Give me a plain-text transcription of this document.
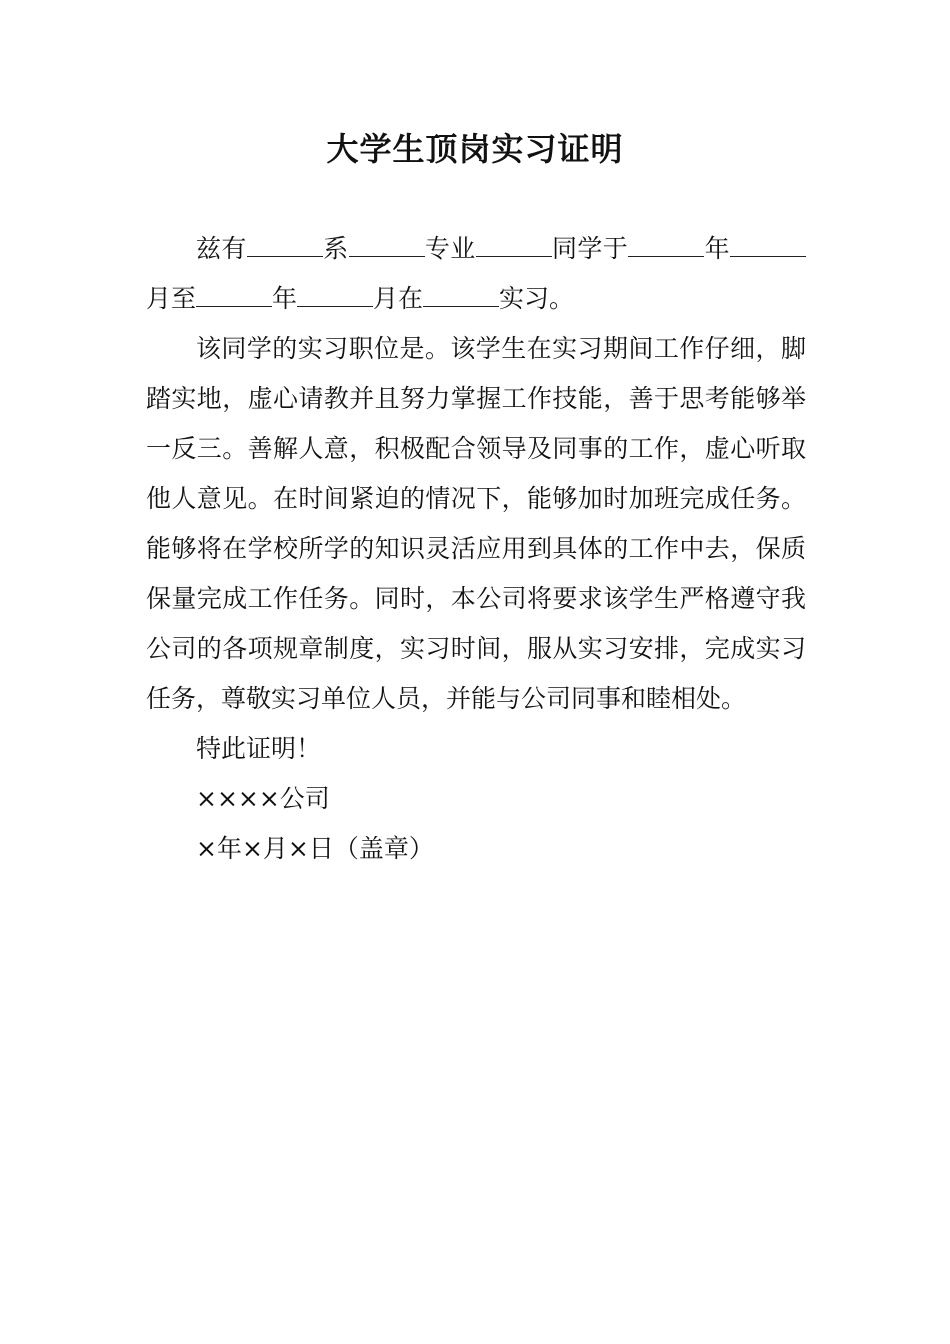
大学生顶岗实习证明

兹有	系	专业	同学于	年月至	年	月在	实习。

该同学的实习职位是。该学生在实习期间工作仔细，脚踏实地，虚心请教并且努力掌握工作技能，善于思考能够举一反三。善解人意，积极配合领导及同事的工作，虚心听取他人意见。在时间紧迫的情况下，能够加时加班完成任务。能够将在学校所学的知识灵活应用到具体的工作中去，保质保量完成工作任务。同时，本公司将要求该学生严格遵守我公司的各项规章制度，实习时间，服从实习安排，完成实习任务，尊敬实习单位人员，并能与公司同事和睦相处。

特此证明！

××××公司

×年×月×日（盖章）
